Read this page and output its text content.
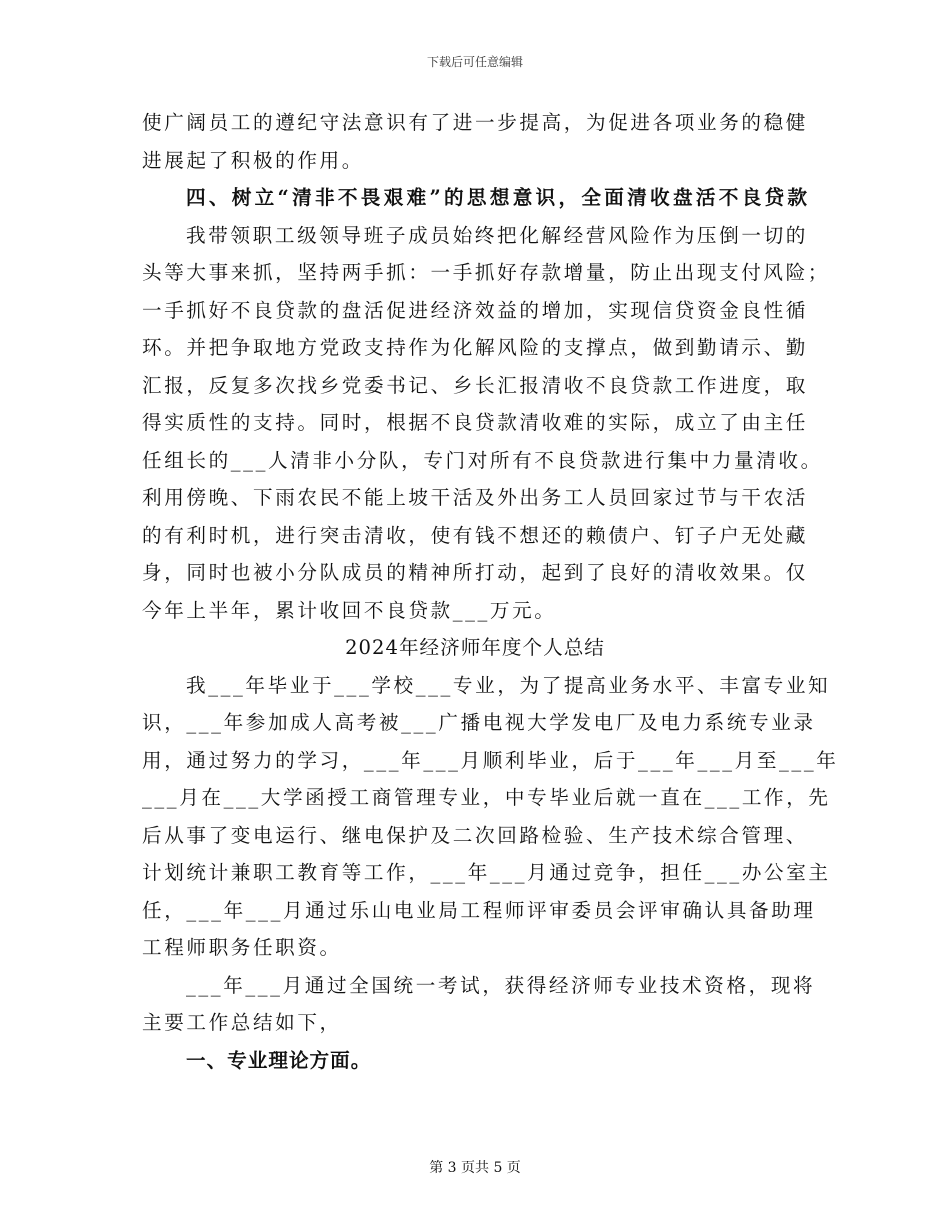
下载后可任意编辑
使广阔员工的遵纪守法意识有了进一步提高，为促进各项业务的稳健
进展起了积极的作用。
四、树立“清非不畏艰难”的思想意识，全面清收盘活不良贷款
我带领职工级领导班子成员始终把化解经营风险作为压倒一切的
头等大事来抓，坚持两手抓：一手抓好存款增量，防止出现支付风险；
一手抓好不良贷款的盘活促进经济效益的增加，实现信贷资金良性循
环。并把争取地方党政支持作为化解风险的支撑点，做到勤请示、勤
汇报，反复多次找乡党委书记、乡长汇报清收不良贷款工作进度，取
得实质性的支持。同时，根据不良贷款清收难的实际，成立了由主任
任组长的___人清非小分队，专门对所有不良贷款进行集中力量清收。
利用傍晚、下雨农民不能上坡干活及外出务工人员回家过节与干农活
的有利时机，进行突击清收，使有钱不想还的赖债户、钉子户无处藏
身，同时也被小分队成员的精神所打动，起到了良好的清收效果。仅
今年上半年，累计收回不良贷款___万元。
2024年经济师年度个人总结
我___年毕业于___学校___专业，为了提高业务水平、丰富专业知
识，___年参加成人高考被___广播电视大学发电厂及电力系统专业录
用，通过努力的学习，___年___月顺利毕业，后于___年___月至___年
___月在___大学函授工商管理专业，中专毕业后就一直在___工作，先
后从事了变电运行、继电保护及二次回路检验、生产技术综合管理、
计划统计兼职工教育等工作，___年___月通过竞争，担任___办公室主
任，___年___月通过乐山电业局工程师评审委员会评审确认具备助理
工程师职务任职资。
___年___月通过全国统一考试，获得经济师专业技术资格，现将
主要工作总结如下，
一、专业理论方面。
第 3 页共 5 页
